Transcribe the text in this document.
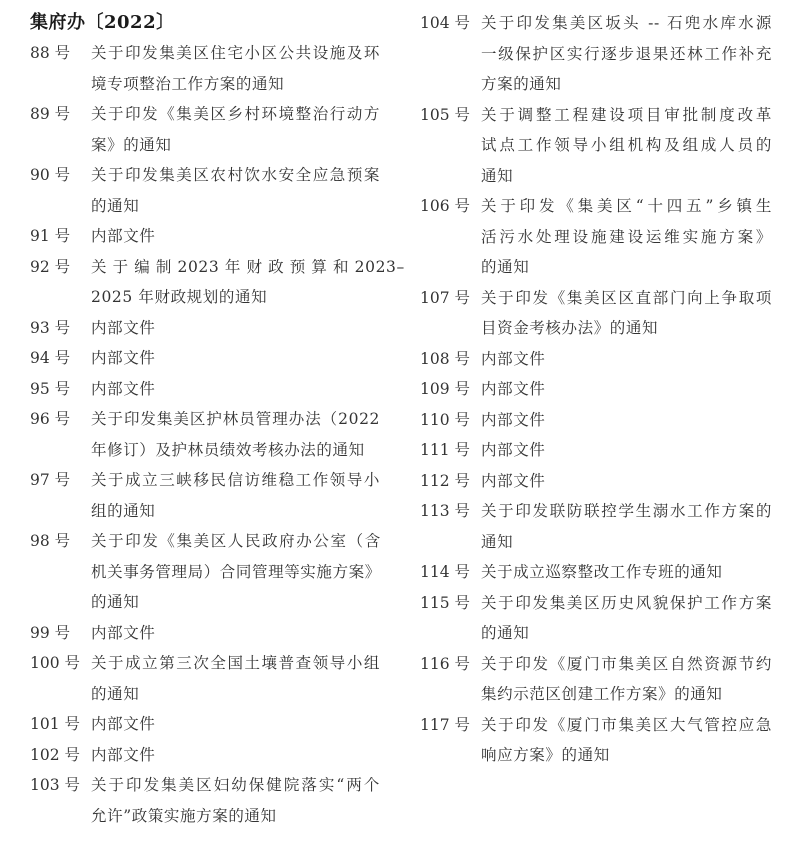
集府办〔2022〕
88 号	关于印发集美区住宅小区公共设施及环
境专项整治工作方案的通知
89 号	关于印发《集美区乡村环境整治行动方
案》的通知
90 号	关于印发集美区农村饮水安全应急预案
的通知
91 号	内部文件
92 号	关 于 编 制 2023 年 财 政 预 算 和 2023–
2025 年财政规划的通知
93 号	内部文件
94 号	内部文件
95 号	内部文件
96 号	关于印发集美区护林员管理办法（2022
年修订）及护林员绩效考核办法的通知
97 号	关于成立三峡移民信访维稳工作领导小
组的通知
98 号	关于印发《集美区人民政府办公室（含
机关事务管理局）合同管理等实施方案》
的通知
99 号	内部文件
100 号 关于成立第三次全国土壤普查领导小组
的通知
101 号 内部文件
102 号 内部文件
103 号 关于印发集美区妇幼保健院落实“两个
允许”政策实施方案的通知
104 号 关于印发集美区坂头 -- 石兜水库水源
一级保护区实行逐步退果还林工作补充
方案的通知
105 号 关于调整工程建设项目审批制度改革
试点工作领导小组机构及组成人员的
通知
106 号 关于印发《集美区“十四五”乡镇生
活污水处理设施建设运维实施方案》
的通知
107 号 关于印发《集美区区直部门向上争取项
目资金考核办法》的通知
108 号 内部文件
109 号 内部文件
110 号 内部文件
111 号 内部文件
112 号 内部文件
113 号 关于印发联防联控学生溺水工作方案的
通知
114 号 关于成立巡察整改工作专班的通知
115 号 关于印发集美区历史风貌保护工作方案
的通知
116 号 关于印发《厦门市集美区自然资源节约
集约示范区创建工作方案》的通知
117 号 关于印发《厦门市集美区大气管控应急
响应方案》的通知
